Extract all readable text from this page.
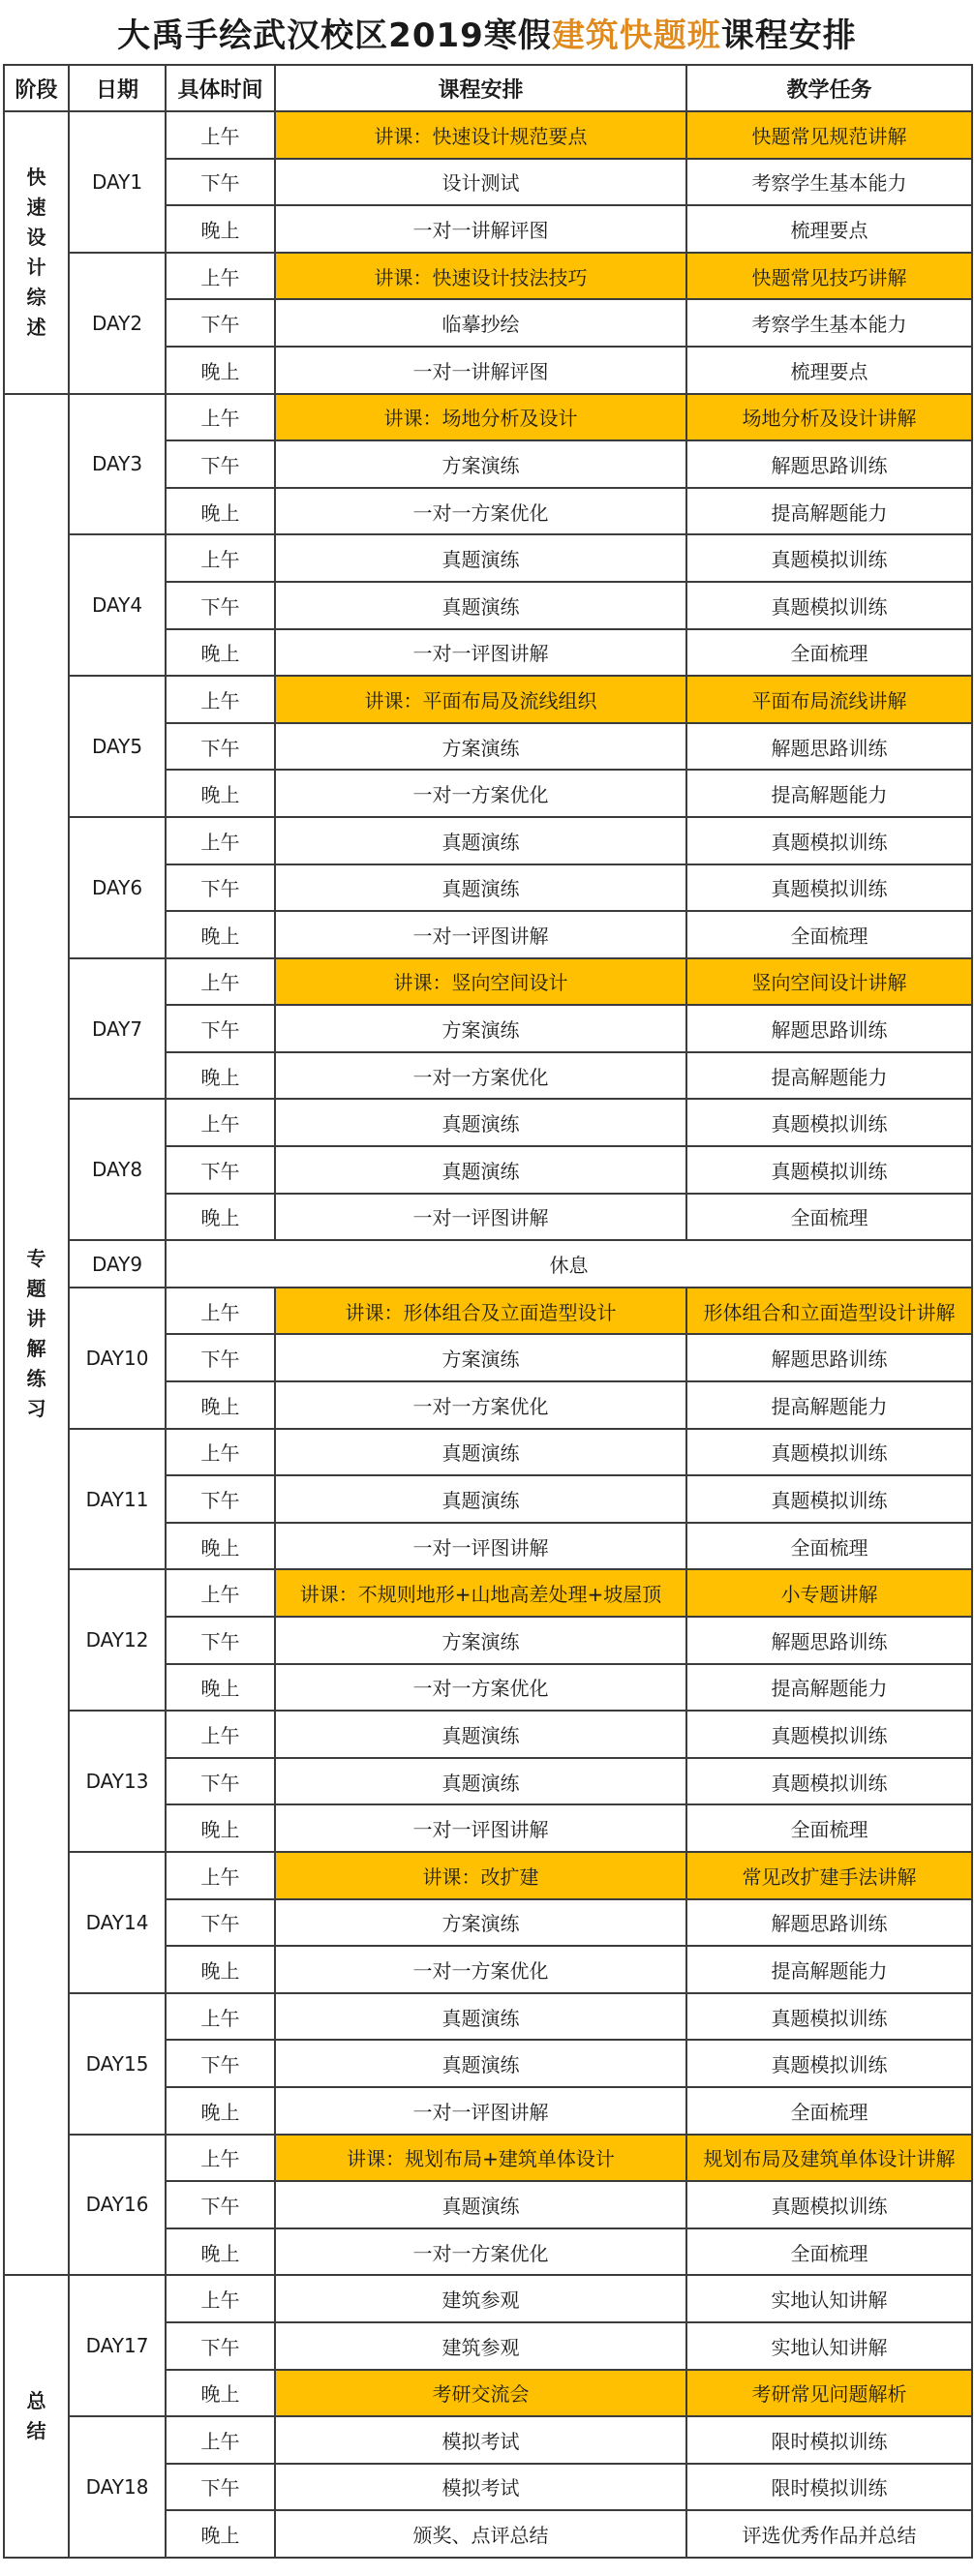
大禹手绘武汉校区2019寒假 建筑快题班 课程安排
阶段	日期	具体时间	课程安排	教学任务

快速设计综述	DAY1	上午	讲课：快速设计规范要点	快题常见规范讲解
		下午	设计测试	考察学生基本能力
		晚上	一对一讲解评图	梳理要点
	DAY2	上午	讲课：快速设计技法技巧	快题常见技巧讲解
		下午	临摹抄绘	考察学生基本能力
		晚上	一对一讲解评图	梳理要点

专题讲解练习	DAY3	上午	讲课：场地分析及设计	场地分析及设计讲解
		下午	方案演练	解题思路训练
		晚上	一对一方案优化	提高解题能力
	DAY4	上午	真题演练	真题模拟训练
		下午	真题演练	真题模拟训练
		晚上	一对一评图讲解	全面梳理
	DAY5	上午	讲课：平面布局及流线组织	平面布局流线讲解
		下午	方案演练	解题思路训练
		晚上	一对一方案优化	提高解题能力
	DAY6	上午	真题演练	真题模拟训练
		下午	真题演练	真题模拟训练
		晚上	一对一评图讲解	全面梳理
	DAY7	上午	讲课：竖向空间设计	竖向空间设计讲解
		下午	方案演练	解题思路训练
		晚上	一对一方案优化	提高解题能力
	DAY8	上午	真题演练	真题模拟训练
		下午	真题演练	真题模拟训练
		晚上	一对一评图讲解	全面梳理
	DAY9	休息		
	DAY10	上午	讲课：形体组合及立面造型设计	形体组合和立面造型设计讲解
		下午	方案演练	解题思路训练
		晚上	一对一方案优化	提高解题能力
	DAY11	上午	真题演练	真题模拟训练
		下午	真题演练	真题模拟训练
		晚上	一对一评图讲解	全面梳理
	DAY12	上午	讲课：不规则地形+山地高差处理+坡屋顶	小专题讲解
		下午	方案演练	解题思路训练
		晚上	一对一方案优化	提高解题能力
	DAY13	上午	真题演练	真题模拟训练
		下午	真题演练	真题模拟训练
		晚上	一对一评图讲解	全面梳理
	DAY14	上午	讲课：改扩建	常见改扩建手法讲解
		下午	方案演练	解题思路训练
		晚上	一对一方案优化	提高解题能力
	DAY15	上午	真题演练	真题模拟训练
		下午	真题演练	真题模拟训练
		晚上	一对一评图讲解	全面梳理
	DAY16	上午	讲课：规划布局+建筑单体设计	规划布局及建筑单体设计讲解
		下午	真题演练	真题模拟训练
		晚上	一对一方案优化	全面梳理

总结	DAY17	上午	建筑参观	实地认知讲解
		下午	建筑参观	实地认知讲解
		晚上	考研交流会	考研常见问题解析
	DAY18	上午	模拟考试	限时模拟训练
		下午	模拟考试	限时模拟训练
		晚上	颁奖、点评总结	评选优秀作品并总结
